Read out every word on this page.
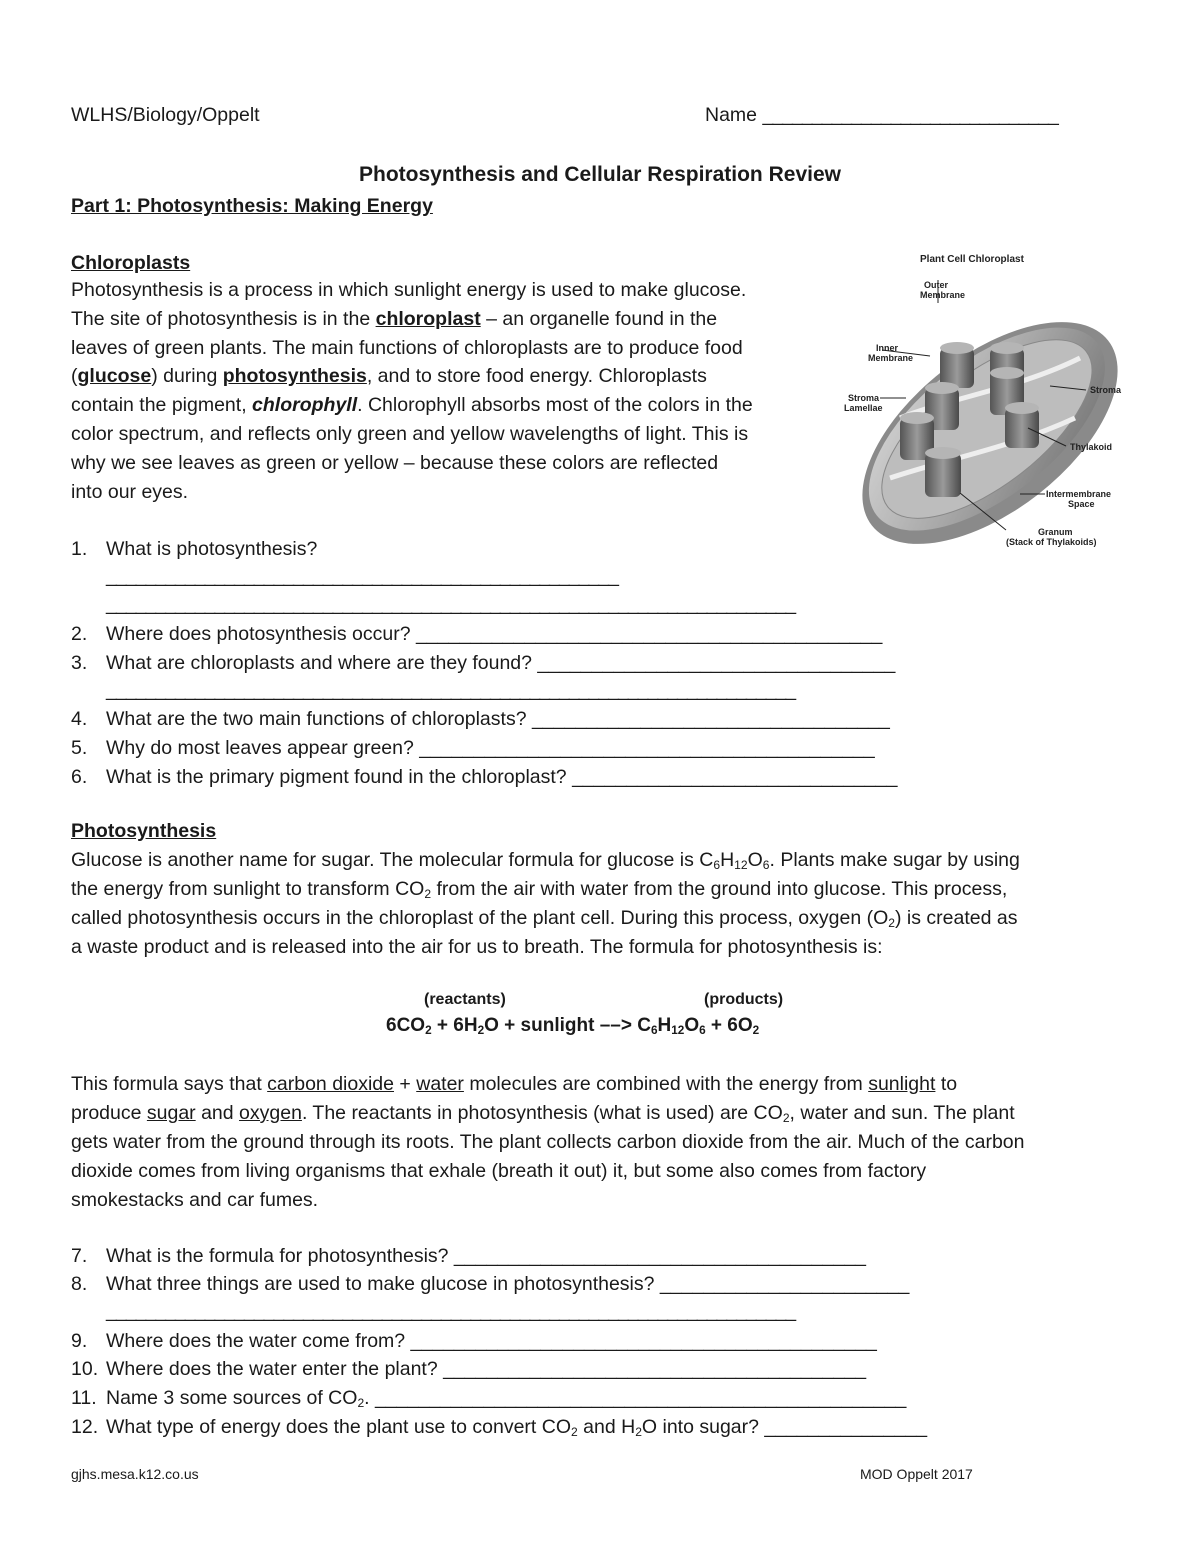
WLHS/Biology/Oppelt	Name ______________________________
Photosynthesis and Cellular Respiration Review
Part 1: Photosynthesis: Making Energy
Chloroplasts
Photosynthesis is a process in which sunlight energy is used to make glucose.
The site of photosynthesis is in the chloroplast – an organelle found in the
leaves of green plants. The main functions of chloroplasts are to produce food
(glucose) during photosynthesis, and to store food energy. Chloroplasts
contain the pigment, chlorophyll. Chlorophyll absorbs most of the colors in the
color spectrum, and reflects only green and yellow wavelengths of light. This is
why we see leaves as green or yellow – because these colors are reflected
into our eyes.
Plant Cell Chloroplast
Outer
Membrane
Inner
Membrane
Stroma
Lamellae
Stroma
Thylakoid
Intermembrane
Space
Granum
(Stack of Thylakoids)
1. What is photosynthesis?
____________________________________________________
______________________________________________________________________
2. Where does photosynthesis occur? ___________________________________________
3. What are chloroplasts and where are they found? _________________________________
______________________________________________________________________
4. What are the two main functions of chloroplasts? _________________________________
5. Why do most leaves appear green? __________________________________________
6. What is the primary pigment found in the chloroplast? ______________________________
Photosynthesis
Glucose is another name for sugar. The molecular formula for glucose is $C_6H_{12}O_6$. Plants make sugar by using
the energy from sunlight to transform $CO_2$ from the air with water from the ground into glucose. This process,
called photosynthesis occurs in the chloroplast of the plant cell. During this process, oxygen $(O_2)$ is created as
a waste product and is released into the air for us to breath. The formula for photosynthesis is:
(reactants)	(products)
$6CO_2 + 6H_2O$ + sunlight ––> $C_6H_{12}O_6 + 6O_2$
This formula says that carbon dioxide + water molecules are combined with the energy from sunlight to
produce sugar and oxygen. The reactants in photosynthesis (what is used) are $CO_2$, water and sun. The plant
gets water from the ground through its roots. The plant collects carbon dioxide from the air. Much of the carbon
dioxide comes from living organisms that exhale (breath it out) it, but some also comes from factory
smokestacks and car fumes.
7. What is the formula for photosynthesis? ______________________________________
8. What three things are used to make glucose in photosynthesis? _______________________
______________________________________________________________________
9. Where does the water come from? ___________________________________________
10. Where does the water enter the plant? _______________________________________
11. Name 3 some sources of $CO_2$. _________________________________________________
12. What type of energy does the plant use to convert $CO_2$ and $H_2O$ into sugar? _______________
gjhs.mesa.k12.co.us	MOD Oppelt 2017
